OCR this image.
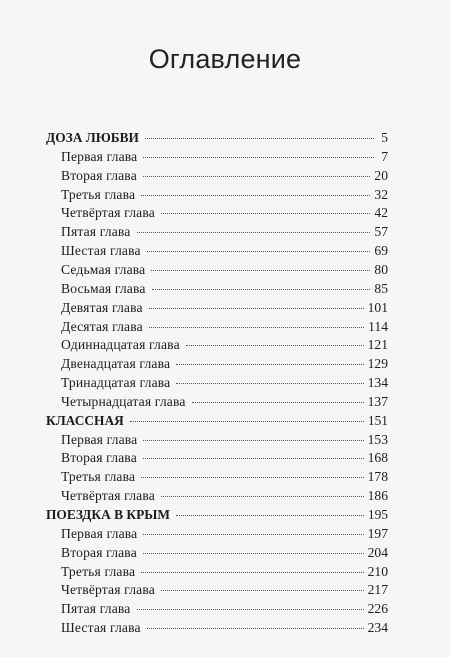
Оглавление
ДОЗА ЛЮБВИ	5
Первая глава	7
Вторая глава	20
Третья глава	32
Четвёртая глава	42
Пятая глава	57
Шестая глава	69
Седьмая глава	80
Восьмая глава	85
Девятая глава	101
Десятая глава	114
Одиннадцатая глава	121
Двенадцатая глава	129
Тринадцатая глава	134
Четырнадцатая глава	137
КЛАССНАЯ	151
Первая глава	153
Вторая глава	168
Третья глава	178
Четвёртая глава	186
ПОЕЗДКА В КРЫМ	195
Первая глава	197
Вторая глава	204
Третья глава	210
Четвёртая глава	217
Пятая глава	226
Шестая глава	234
